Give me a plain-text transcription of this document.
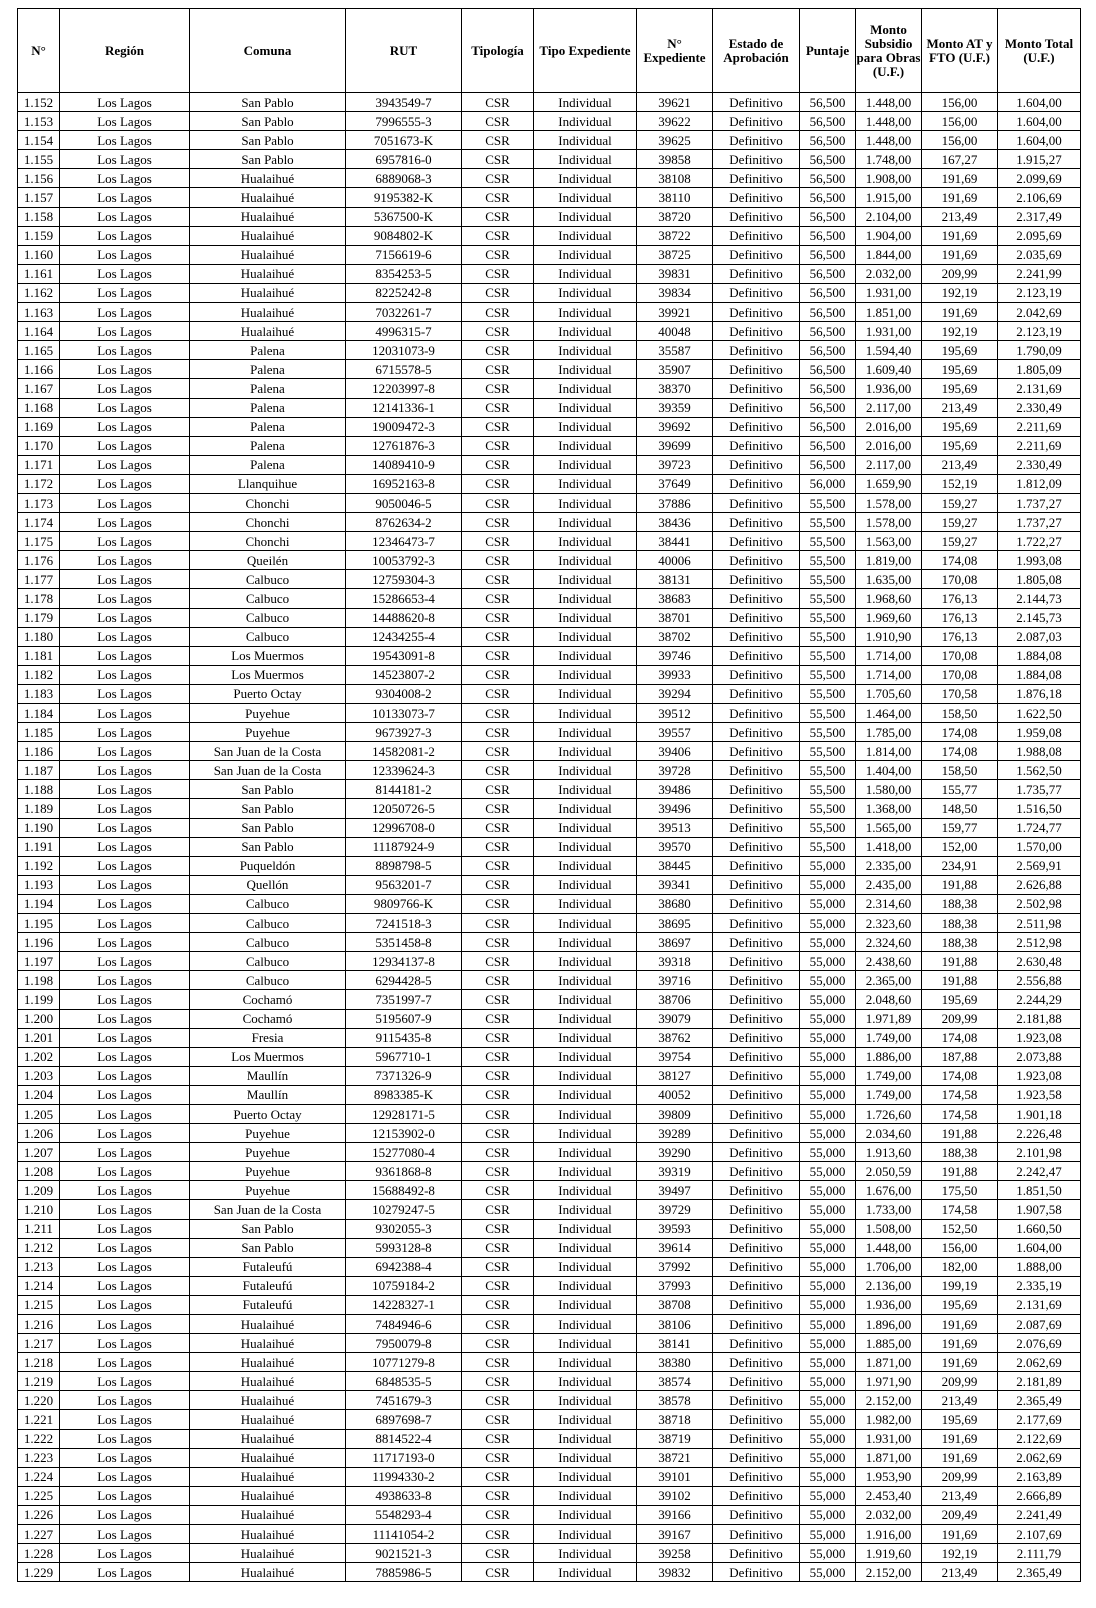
N°	Región	Comuna	RUT	Tipología	Tipo Expediente	N° Expediente	Estado de Aprobación	Puntaje	Monto Subsidio para Obras (U.F.)	Monto AT y FTO (U.F.)	Monto Total (U.F.)
1.152	Los Lagos	San Pablo	3943549-7	CSR	Individual	39621	Definitivo	56,500	1.448,00	156,00	1.604,00
1.153	Los Lagos	San Pablo	7996555-3	CSR	Individual	39622	Definitivo	56,500	1.448,00	156,00	1.604,00
1.154	Los Lagos	San Pablo	7051673-K	CSR	Individual	39625	Definitivo	56,500	1.448,00	156,00	1.604,00
1.155	Los Lagos	San Pablo	6957816-0	CSR	Individual	39858	Definitivo	56,500	1.748,00	167,27	1.915,27
1.156	Los Lagos	Hualaihué	6889068-3	CSR	Individual	38108	Definitivo	56,500	1.908,00	191,69	2.099,69
1.157	Los Lagos	Hualaihué	9195382-K	CSR	Individual	38110	Definitivo	56,500	1.915,00	191,69	2.106,69
1.158	Los Lagos	Hualaihué	5367500-K	CSR	Individual	38720	Definitivo	56,500	2.104,00	213,49	2.317,49
1.159	Los Lagos	Hualaihué	9084802-K	CSR	Individual	38722	Definitivo	56,500	1.904,00	191,69	2.095,69
1.160	Los Lagos	Hualaihué	7156619-6	CSR	Individual	38725	Definitivo	56,500	1.844,00	191,69	2.035,69
1.161	Los Lagos	Hualaihué	8354253-5	CSR	Individual	39831	Definitivo	56,500	2.032,00	209,99	2.241,99
1.162	Los Lagos	Hualaihué	8225242-8	CSR	Individual	39834	Definitivo	56,500	1.931,00	192,19	2.123,19
1.163	Los Lagos	Hualaihué	7032261-7	CSR	Individual	39921	Definitivo	56,500	1.851,00	191,69	2.042,69
1.164	Los Lagos	Hualaihué	4996315-7	CSR	Individual	40048	Definitivo	56,500	1.931,00	192,19	2.123,19
1.165	Los Lagos	Palena	12031073-9	CSR	Individual	35587	Definitivo	56,500	1.594,40	195,69	1.790,09
1.166	Los Lagos	Palena	6715578-5	CSR	Individual	35907	Definitivo	56,500	1.609,40	195,69	1.805,09
1.167	Los Lagos	Palena	12203997-8	CSR	Individual	38370	Definitivo	56,500	1.936,00	195,69	2.131,69
1.168	Los Lagos	Palena	12141336-1	CSR	Individual	39359	Definitivo	56,500	2.117,00	213,49	2.330,49
1.169	Los Lagos	Palena	19009472-3	CSR	Individual	39692	Definitivo	56,500	2.016,00	195,69	2.211,69
1.170	Los Lagos	Palena	12761876-3	CSR	Individual	39699	Definitivo	56,500	2.016,00	195,69	2.211,69
1.171	Los Lagos	Palena	14089410-9	CSR	Individual	39723	Definitivo	56,500	2.117,00	213,49	2.330,49
1.172	Los Lagos	Llanquihue	16952163-8	CSR	Individual	37649	Definitivo	56,000	1.659,90	152,19	1.812,09
1.173	Los Lagos	Chonchi	9050046-5	CSR	Individual	37886	Definitivo	55,500	1.578,00	159,27	1.737,27
1.174	Los Lagos	Chonchi	8762634-2	CSR	Individual	38436	Definitivo	55,500	1.578,00	159,27	1.737,27
1.175	Los Lagos	Chonchi	12346473-7	CSR	Individual	38441	Definitivo	55,500	1.563,00	159,27	1.722,27
1.176	Los Lagos	Queilén	10053792-3	CSR	Individual	40006	Definitivo	55,500	1.819,00	174,08	1.993,08
1.177	Los Lagos	Calbuco	12759304-3	CSR	Individual	38131	Definitivo	55,500	1.635,00	170,08	1.805,08
1.178	Los Lagos	Calbuco	15286653-4	CSR	Individual	38683	Definitivo	55,500	1.968,60	176,13	2.144,73
1.179	Los Lagos	Calbuco	14488620-8	CSR	Individual	38701	Definitivo	55,500	1.969,60	176,13	2.145,73
1.180	Los Lagos	Calbuco	12434255-4	CSR	Individual	38702	Definitivo	55,500	1.910,90	176,13	2.087,03
1.181	Los Lagos	Los Muermos	19543091-8	CSR	Individual	39746	Definitivo	55,500	1.714,00	170,08	1.884,08
1.182	Los Lagos	Los Muermos	14523807-2	CSR	Individual	39933	Definitivo	55,500	1.714,00	170,08	1.884,08
1.183	Los Lagos	Puerto Octay	9304008-2	CSR	Individual	39294	Definitivo	55,500	1.705,60	170,58	1.876,18
1.184	Los Lagos	Puyehue	10133073-7	CSR	Individual	39512	Definitivo	55,500	1.464,00	158,50	1.622,50
1.185	Los Lagos	Puyehue	9673927-3	CSR	Individual	39557	Definitivo	55,500	1.785,00	174,08	1.959,08
1.186	Los Lagos	San Juan de la Costa	14582081-2	CSR	Individual	39406	Definitivo	55,500	1.814,00	174,08	1.988,08
1.187	Los Lagos	San Juan de la Costa	12339624-3	CSR	Individual	39728	Definitivo	55,500	1.404,00	158,50	1.562,50
1.188	Los Lagos	San Pablo	8144181-2	CSR	Individual	39486	Definitivo	55,500	1.580,00	155,77	1.735,77
1.189	Los Lagos	San Pablo	12050726-5	CSR	Individual	39496	Definitivo	55,500	1.368,00	148,50	1.516,50
1.190	Los Lagos	San Pablo	12996708-0	CSR	Individual	39513	Definitivo	55,500	1.565,00	159,77	1.724,77
1.191	Los Lagos	San Pablo	11187924-9	CSR	Individual	39570	Definitivo	55,500	1.418,00	152,00	1.570,00
1.192	Los Lagos	Puqueldón	8898798-5	CSR	Individual	38445	Definitivo	55,000	2.335,00	234,91	2.569,91
1.193	Los Lagos	Quellón	9563201-7	CSR	Individual	39341	Definitivo	55,000	2.435,00	191,88	2.626,88
1.194	Los Lagos	Calbuco	9809766-K	CSR	Individual	38680	Definitivo	55,000	2.314,60	188,38	2.502,98
1.195	Los Lagos	Calbuco	7241518-3	CSR	Individual	38695	Definitivo	55,000	2.323,60	188,38	2.511,98
1.196	Los Lagos	Calbuco	5351458-8	CSR	Individual	38697	Definitivo	55,000	2.324,60	188,38	2.512,98
1.197	Los Lagos	Calbuco	12934137-8	CSR	Individual	39318	Definitivo	55,000	2.438,60	191,88	2.630,48
1.198	Los Lagos	Calbuco	6294428-5	CSR	Individual	39716	Definitivo	55,000	2.365,00	191,88	2.556,88
1.199	Los Lagos	Cochamó	7351997-7	CSR	Individual	38706	Definitivo	55,000	2.048,60	195,69	2.244,29
1.200	Los Lagos	Cochamó	5195607-9	CSR	Individual	39079	Definitivo	55,000	1.971,89	209,99	2.181,88
1.201	Los Lagos	Fresia	9115435-8	CSR	Individual	38762	Definitivo	55,000	1.749,00	174,08	1.923,08
1.202	Los Lagos	Los Muermos	5967710-1	CSR	Individual	39754	Definitivo	55,000	1.886,00	187,88	2.073,88
1.203	Los Lagos	Maullín	7371326-9	CSR	Individual	38127	Definitivo	55,000	1.749,00	174,08	1.923,08
1.204	Los Lagos	Maullín	8983385-K	CSR	Individual	40052	Definitivo	55,000	1.749,00	174,58	1.923,58
1.205	Los Lagos	Puerto Octay	12928171-5	CSR	Individual	39809	Definitivo	55,000	1.726,60	174,58	1.901,18
1.206	Los Lagos	Puyehue	12153902-0	CSR	Individual	39289	Definitivo	55,000	2.034,60	191,88	2.226,48
1.207	Los Lagos	Puyehue	15277080-4	CSR	Individual	39290	Definitivo	55,000	1.913,60	188,38	2.101,98
1.208	Los Lagos	Puyehue	9361868-8	CSR	Individual	39319	Definitivo	55,000	2.050,59	191,88	2.242,47
1.209	Los Lagos	Puyehue	15688492-8	CSR	Individual	39497	Definitivo	55,000	1.676,00	175,50	1.851,50
1.210	Los Lagos	San Juan de la Costa	10279247-5	CSR	Individual	39729	Definitivo	55,000	1.733,00	174,58	1.907,58
1.211	Los Lagos	San Pablo	9302055-3	CSR	Individual	39593	Definitivo	55,000	1.508,00	152,50	1.660,50
1.212	Los Lagos	San Pablo	5993128-8	CSR	Individual	39614	Definitivo	55,000	1.448,00	156,00	1.604,00
1.213	Los Lagos	Futaleufú	6942388-4	CSR	Individual	37992	Definitivo	55,000	1.706,00	182,00	1.888,00
1.214	Los Lagos	Futaleufú	10759184-2	CSR	Individual	37993	Definitivo	55,000	2.136,00	199,19	2.335,19
1.215	Los Lagos	Futaleufú	14228327-1	CSR	Individual	38708	Definitivo	55,000	1.936,00	195,69	2.131,69
1.216	Los Lagos	Hualaihué	7484946-6	CSR	Individual	38106	Definitivo	55,000	1.896,00	191,69	2.087,69
1.217	Los Lagos	Hualaihué	7950079-8	CSR	Individual	38141	Definitivo	55,000	1.885,00	191,69	2.076,69
1.218	Los Lagos	Hualaihué	10771279-8	CSR	Individual	38380	Definitivo	55,000	1.871,00	191,69	2.062,69
1.219	Los Lagos	Hualaihué	6848535-5	CSR	Individual	38574	Definitivo	55,000	1.971,90	209,99	2.181,89
1.220	Los Lagos	Hualaihué	7451679-3	CSR	Individual	38578	Definitivo	55,000	2.152,00	213,49	2.365,49
1.221	Los Lagos	Hualaihué	6897698-7	CSR	Individual	38718	Definitivo	55,000	1.982,00	195,69	2.177,69
1.222	Los Lagos	Hualaihué	8814522-4	CSR	Individual	38719	Definitivo	55,000	1.931,00	191,69	2.122,69
1.223	Los Lagos	Hualaihué	11717193-0	CSR	Individual	38721	Definitivo	55,000	1.871,00	191,69	2.062,69
1.224	Los Lagos	Hualaihué	11994330-2	CSR	Individual	39101	Definitivo	55,000	1.953,90	209,99	2.163,89
1.225	Los Lagos	Hualaihué	4938633-8	CSR	Individual	39102	Definitivo	55,000	2.453,40	213,49	2.666,89
1.226	Los Lagos	Hualaihué	5548293-4	CSR	Individual	39166	Definitivo	55,000	2.032,00	209,49	2.241,49
1.227	Los Lagos	Hualaihué	11141054-2	CSR	Individual	39167	Definitivo	55,000	1.916,00	191,69	2.107,69
1.228	Los Lagos	Hualaihué	9021521-3	CSR	Individual	39258	Definitivo	55,000	1.919,60	192,19	2.111,79
1.229	Los Lagos	Hualaihué	7885986-5	CSR	Individual	39832	Definitivo	55,000	2.152,00	213,49	2.365,49
